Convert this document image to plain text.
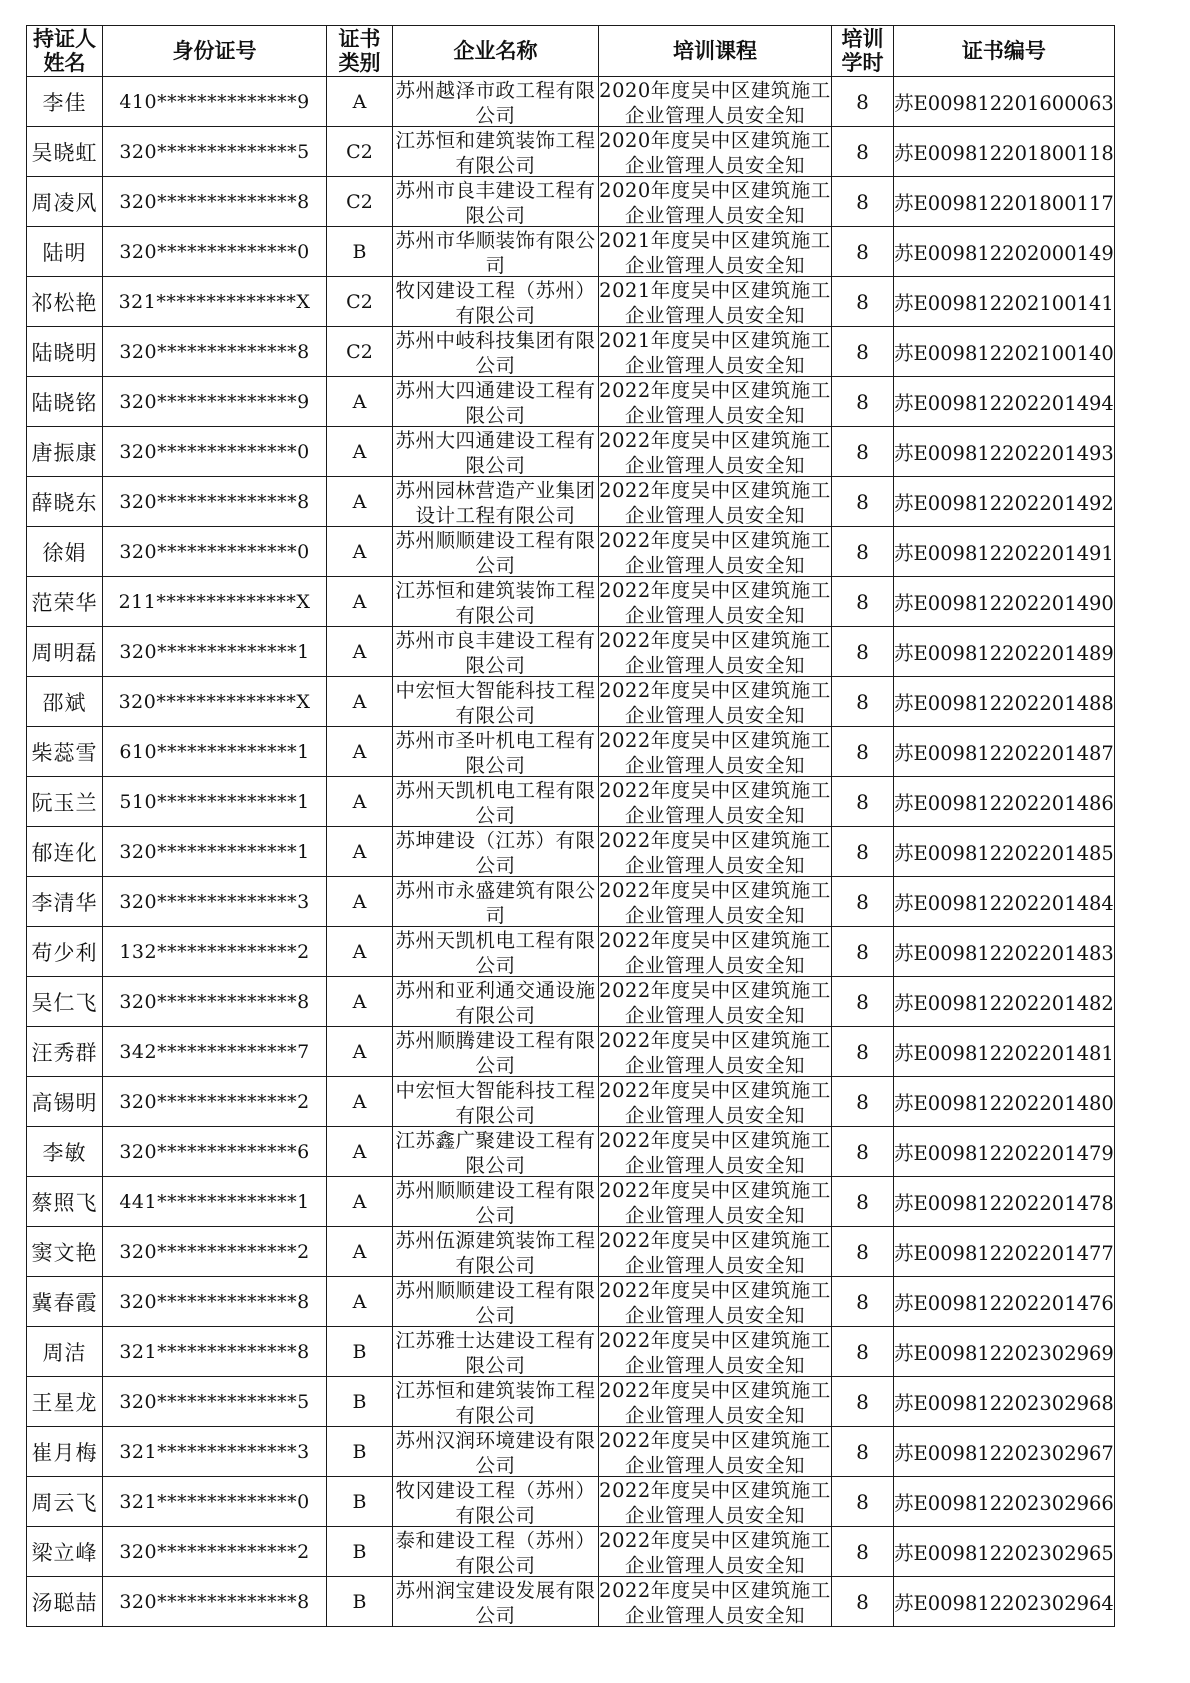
持证人姓名	身份证号	证书类别	企业名称	培训课程	培训学时	证书编号
李佳	410**************9	A	苏州越泽市政工程有限公司	2020年度吴中区建筑施工企业管理人员安全知	8	苏E009812201600063
吴晓虹	320**************5	C2	江苏恒和建筑装饰工程有限公司	2020年度吴中区建筑施工企业管理人员安全知	8	苏E009812201800118
周凌风	320**************8	C2	苏州市良丰建设工程有限公司	2020年度吴中区建筑施工企业管理人员安全知	8	苏E009812201800117
陆明	320**************0	B	苏州市华顺装饰有限公司	2021年度吴中区建筑施工企业管理人员安全知	8	苏E009812202000149
祁松艳	321**************X	C2	牧冈建设工程（苏州）有限公司	2021年度吴中区建筑施工企业管理人员安全知	8	苏E009812202100141
陆晓明	320**************8	C2	苏州中岐科技集团有限公司	2021年度吴中区建筑施工企业管理人员安全知	8	苏E009812202100140
陆晓铭	320**************9	A	苏州大四通建设工程有限公司	2022年度吴中区建筑施工企业管理人员安全知	8	苏E009812202201494
唐振康	320**************0	A	苏州大四通建设工程有限公司	2022年度吴中区建筑施工企业管理人员安全知	8	苏E009812202201493
薛晓东	320**************8	A	苏州园林营造产业集团设计工程有限公司	2022年度吴中区建筑施工企业管理人员安全知	8	苏E009812202201492
徐娟	320**************0	A	苏州顺顺建设工程有限公司	2022年度吴中区建筑施工企业管理人员安全知	8	苏E009812202201491
范荣华	211**************X	A	江苏恒和建筑装饰工程有限公司	2022年度吴中区建筑施工企业管理人员安全知	8	苏E009812202201490
周明磊	320**************1	A	苏州市良丰建设工程有限公司	2022年度吴中区建筑施工企业管理人员安全知	8	苏E009812202201489
邵斌	320**************X	A	中宏恒大智能科技工程有限公司	2022年度吴中区建筑施工企业管理人员安全知	8	苏E009812202201488
柴蕊雪	610**************1	A	苏州市圣叶机电工程有限公司	2022年度吴中区建筑施工企业管理人员安全知	8	苏E009812202201487
阮玉兰	510**************1	A	苏州天凯机电工程有限公司	2022年度吴中区建筑施工企业管理人员安全知	8	苏E009812202201486
郁连化	320**************1	A	苏坤建设（江苏）有限公司	2022年度吴中区建筑施工企业管理人员安全知	8	苏E009812202201485
李清华	320**************3	A	苏州市永盛建筑有限公司	2022年度吴中区建筑施工企业管理人员安全知	8	苏E009812202201484
苟少利	132**************2	A	苏州天凯机电工程有限公司	2022年度吴中区建筑施工企业管理人员安全知	8	苏E009812202201483
吴仁飞	320**************8	A	苏州和亚利通交通设施有限公司	2022年度吴中区建筑施工企业管理人员安全知	8	苏E009812202201482
汪秀群	342**************7	A	苏州顺腾建设工程有限公司	2022年度吴中区建筑施工企业管理人员安全知	8	苏E009812202201481
高锡明	320**************2	A	中宏恒大智能科技工程有限公司	2022年度吴中区建筑施工企业管理人员安全知	8	苏E009812202201480
李敏	320**************6	A	江苏鑫广聚建设工程有限公司	2022年度吴中区建筑施工企业管理人员安全知	8	苏E009812202201479
蔡照飞	441**************1	A	苏州顺顺建设工程有限公司	2022年度吴中区建筑施工企业管理人员安全知	8	苏E009812202201478
窦文艳	320**************2	A	苏州伍源建筑装饰工程有限公司	2022年度吴中区建筑施工企业管理人员安全知	8	苏E009812202201477
冀春霞	320**************8	A	苏州顺顺建设工程有限公司	2022年度吴中区建筑施工企业管理人员安全知	8	苏E009812202201476
周洁	321**************8	B	江苏雅士达建设工程有限公司	2022年度吴中区建筑施工企业管理人员安全知	8	苏E009812202302969
王星龙	320**************5	B	江苏恒和建筑装饰工程有限公司	2022年度吴中区建筑施工企业管理人员安全知	8	苏E009812202302968
崔月梅	321**************3	B	苏州汉润环境建设有限公司	2022年度吴中区建筑施工企业管理人员安全知	8	苏E009812202302967
周云飞	321**************0	B	牧冈建设工程（苏州）有限公司	2022年度吴中区建筑施工企业管理人员安全知	8	苏E009812202302966
梁立峰	320**************2	B	泰和建设工程（苏州）有限公司	2022年度吴中区建筑施工企业管理人员安全知	8	苏E009812202302965
汤聪喆	320**************8	B	苏州润宝建设发展有限公司	2022年度吴中区建筑施工企业管理人员安全知	8	苏E009812202302964
